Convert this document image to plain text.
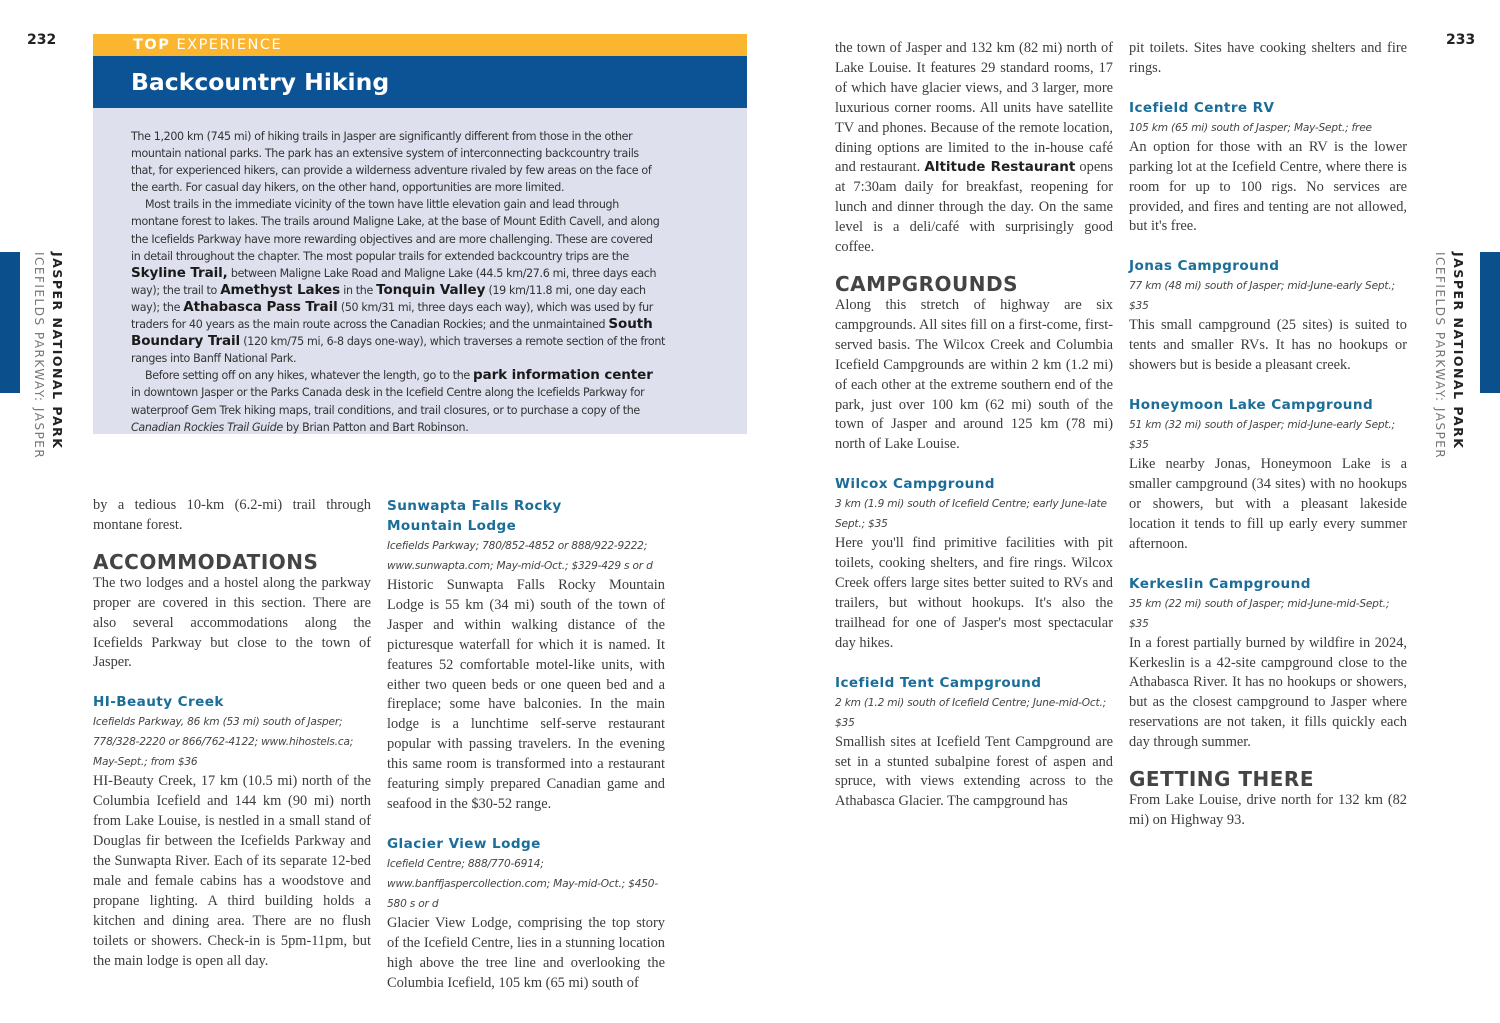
232
ICEFIELDS PARKWAY: JASPER JASPER NATIONAL PARK
TOP EXPERIENCE
Backcountry Hiking

The 1,200 km (745 mi) of hiking trails in Jasper are significantly different from those in the other mountain national parks. The park has an extensive system of interconnecting backcountry trails that, for experienced hikers, can provide a wilderness adventure rivaled by few areas on the face of the earth. For casual day hikers, on the other hand, opportunities are more limited.

Most trails in the immediate vicinity of the town have little elevation gain and lead through montane forest to lakes. The trails around Maligne Lake, at the base of Mount Edith Cavell, and along the Icefields Parkway have more rewarding objectives and are more challenging. These are covered in detail throughout the chapter. The most popular trails for extended backcountry trips are the Skyline Trail, between Maligne Lake Road and Maligne Lake (44.5 km/27.6 mi, three days each way); the trail to Amethyst Lakes in the Tonquin Valley (19 km/11.8 mi, one day each way); the Athabasca Pass Trail (50 km/31 mi, three days each way), which was used by fur traders for 40 years as the main route across the Canadian Rockies; and the unmaintained South Boundary Trail (120 km/75 mi, 6-8 days one-way), which traverses a remote section of the front ranges into Banff National Park.

Before setting off on any hikes, whatever the length, go to the park information center in downtown Jasper or the Parks Canada desk in the Icefield Centre along the Icefields Parkway for waterproof Gem Trek hiking maps, trail conditions, and trail closures, or to purchase a copy of the Canadian Rockies Trail Guide by Brian Patton and Bart Robinson.

by a tedious 10-km (6.2-mi) trail through montane forest.

ACCOMMODATIONS

The two lodges and a hostel along the parkway proper are covered in this section. There are also several accommodations along the Icefields Parkway but close to the town of Jasper.

HI-Beauty Creek
Icefields Parkway, 86 km (53 mi) south of Jasper; 778/328-2220 or 866/762-4122; www.hihostels.ca; May-Sept.; from $36

HI-Beauty Creek, 17 km (10.5 mi) north of the Columbia Icefield and 144 km (90 mi) north from Lake Louise, is nestled in a small stand of Douglas fir between the Icefields Parkway and the Sunwapta River. Each of its separate 12-bed male and female cabins has a woodstove and propane lighting. A third building holds a kitchen and dining area. There are no flush toilets or showers. Check-in is 5pm-11pm, but the main lodge is open all day.

Sunwapta Falls Rocky Mountain Lodge
Icefields Parkway; 780/852-4852 or 888/922-9222; www.sunwapta.com; May-mid-Oct.; $329-429 s or d

Historic Sunwapta Falls Rocky Mountain Lodge is 55 km (34 mi) south of the town of Jasper and within walking distance of the picturesque waterfall for which it is named. It features 52 comfortable motel-like units, with either two queen beds or one queen bed and a fireplace; some have balconies. In the main lodge is a lunchtime self-serve restaurant popular with passing travelers. In the evening this same room is transformed into a restaurant featuring simply prepared Canadian game and seafood in the $30-52 range.

Glacier View Lodge
Icefield Centre; 888/770-6914; www.banffjaspercollection.com; May-mid-Oct.; $450-580 s or d

Glacier View Lodge, comprising the top story of the Icefield Centre, lies in a stunning location high above the tree line and overlooking the Columbia Icefield, 105 km (65 mi) south of

233
ICEFIELDS PARKWAY: JASPER JASPER NATIONAL PARK

the town of Jasper and 132 km (82 mi) north of Lake Louise. It features 29 standard rooms, 17 of which have glacier views, and 3 larger, more luxurious corner rooms. All units have satellite TV and phones. Because of the remote location, dining options are limited to the in-house café and restaurant. Altitude Restaurant opens at 7:30am daily for breakfast, reopening for lunch and dinner through the day. On the same level is a deli/café with surprisingly good coffee.

CAMPGROUNDS

Along this stretch of highway are six campgrounds. All sites fill on a first-come, first-served basis. The Wilcox Creek and Columbia Icefield Campgrounds are within 2 km (1.2 mi) of each other at the extreme southern end of the park, just over 100 km (62 mi) south of the town of Jasper and around 125 km (78 mi) north of Lake Louise.

Wilcox Campground
3 km (1.9 mi) south of Icefield Centre; early June-late Sept.; $35

Here you'll find primitive facilities with pit toilets, cooking shelters, and fire rings. Wilcox Creek offers large sites better suited to RVs and trailers, but without hookups. It's also the trailhead for one of Jasper's most spectacular day hikes.

Icefield Tent Campground
2 km (1.2 mi) south of Icefield Centre; June-mid-Oct.; $35

Smallish sites at Icefield Tent Campground are set in a stunted subalpine forest of aspen and spruce, with views extending across to the Athabasca Glacier. The campground has

pit toilets. Sites have cooking shelters and fire rings.

Icefield Centre RV
105 km (65 mi) south of Jasper; May-Sept.; free

An option for those with an RV is the lower parking lot at the Icefield Centre, where there is room for up to 100 rigs. No services are provided, and fires and tenting are not allowed, but it's free.

Jonas Campground
77 km (48 mi) south of Jasper; mid-June-early Sept.; $35

This small campground (25 sites) is suited to tents and smaller RVs. It has no hookups or showers but is beside a pleasant creek.

Honeymoon Lake Campground
51 km (32 mi) south of Jasper; mid-June-early Sept.; $35

Like nearby Jonas, Honeymoon Lake is a smaller campground (34 sites) with no hookups or showers, but with a pleasant lakeside location it tends to fill up early every summer afternoon.

Kerkeslin Campground
35 km (22 mi) south of Jasper; mid-June-mid-Sept.; $35

In a forest partially burned by wildfire in 2024, Kerkeslin is a 42-site campground close to the Athabasca River. It has no hookups or showers, but as the closest campground to Jasper where reservations are not taken, it fills quickly each day through summer.

GETTING THERE

From Lake Louise, drive north for 132 km (82 mi) on Highway 93.
